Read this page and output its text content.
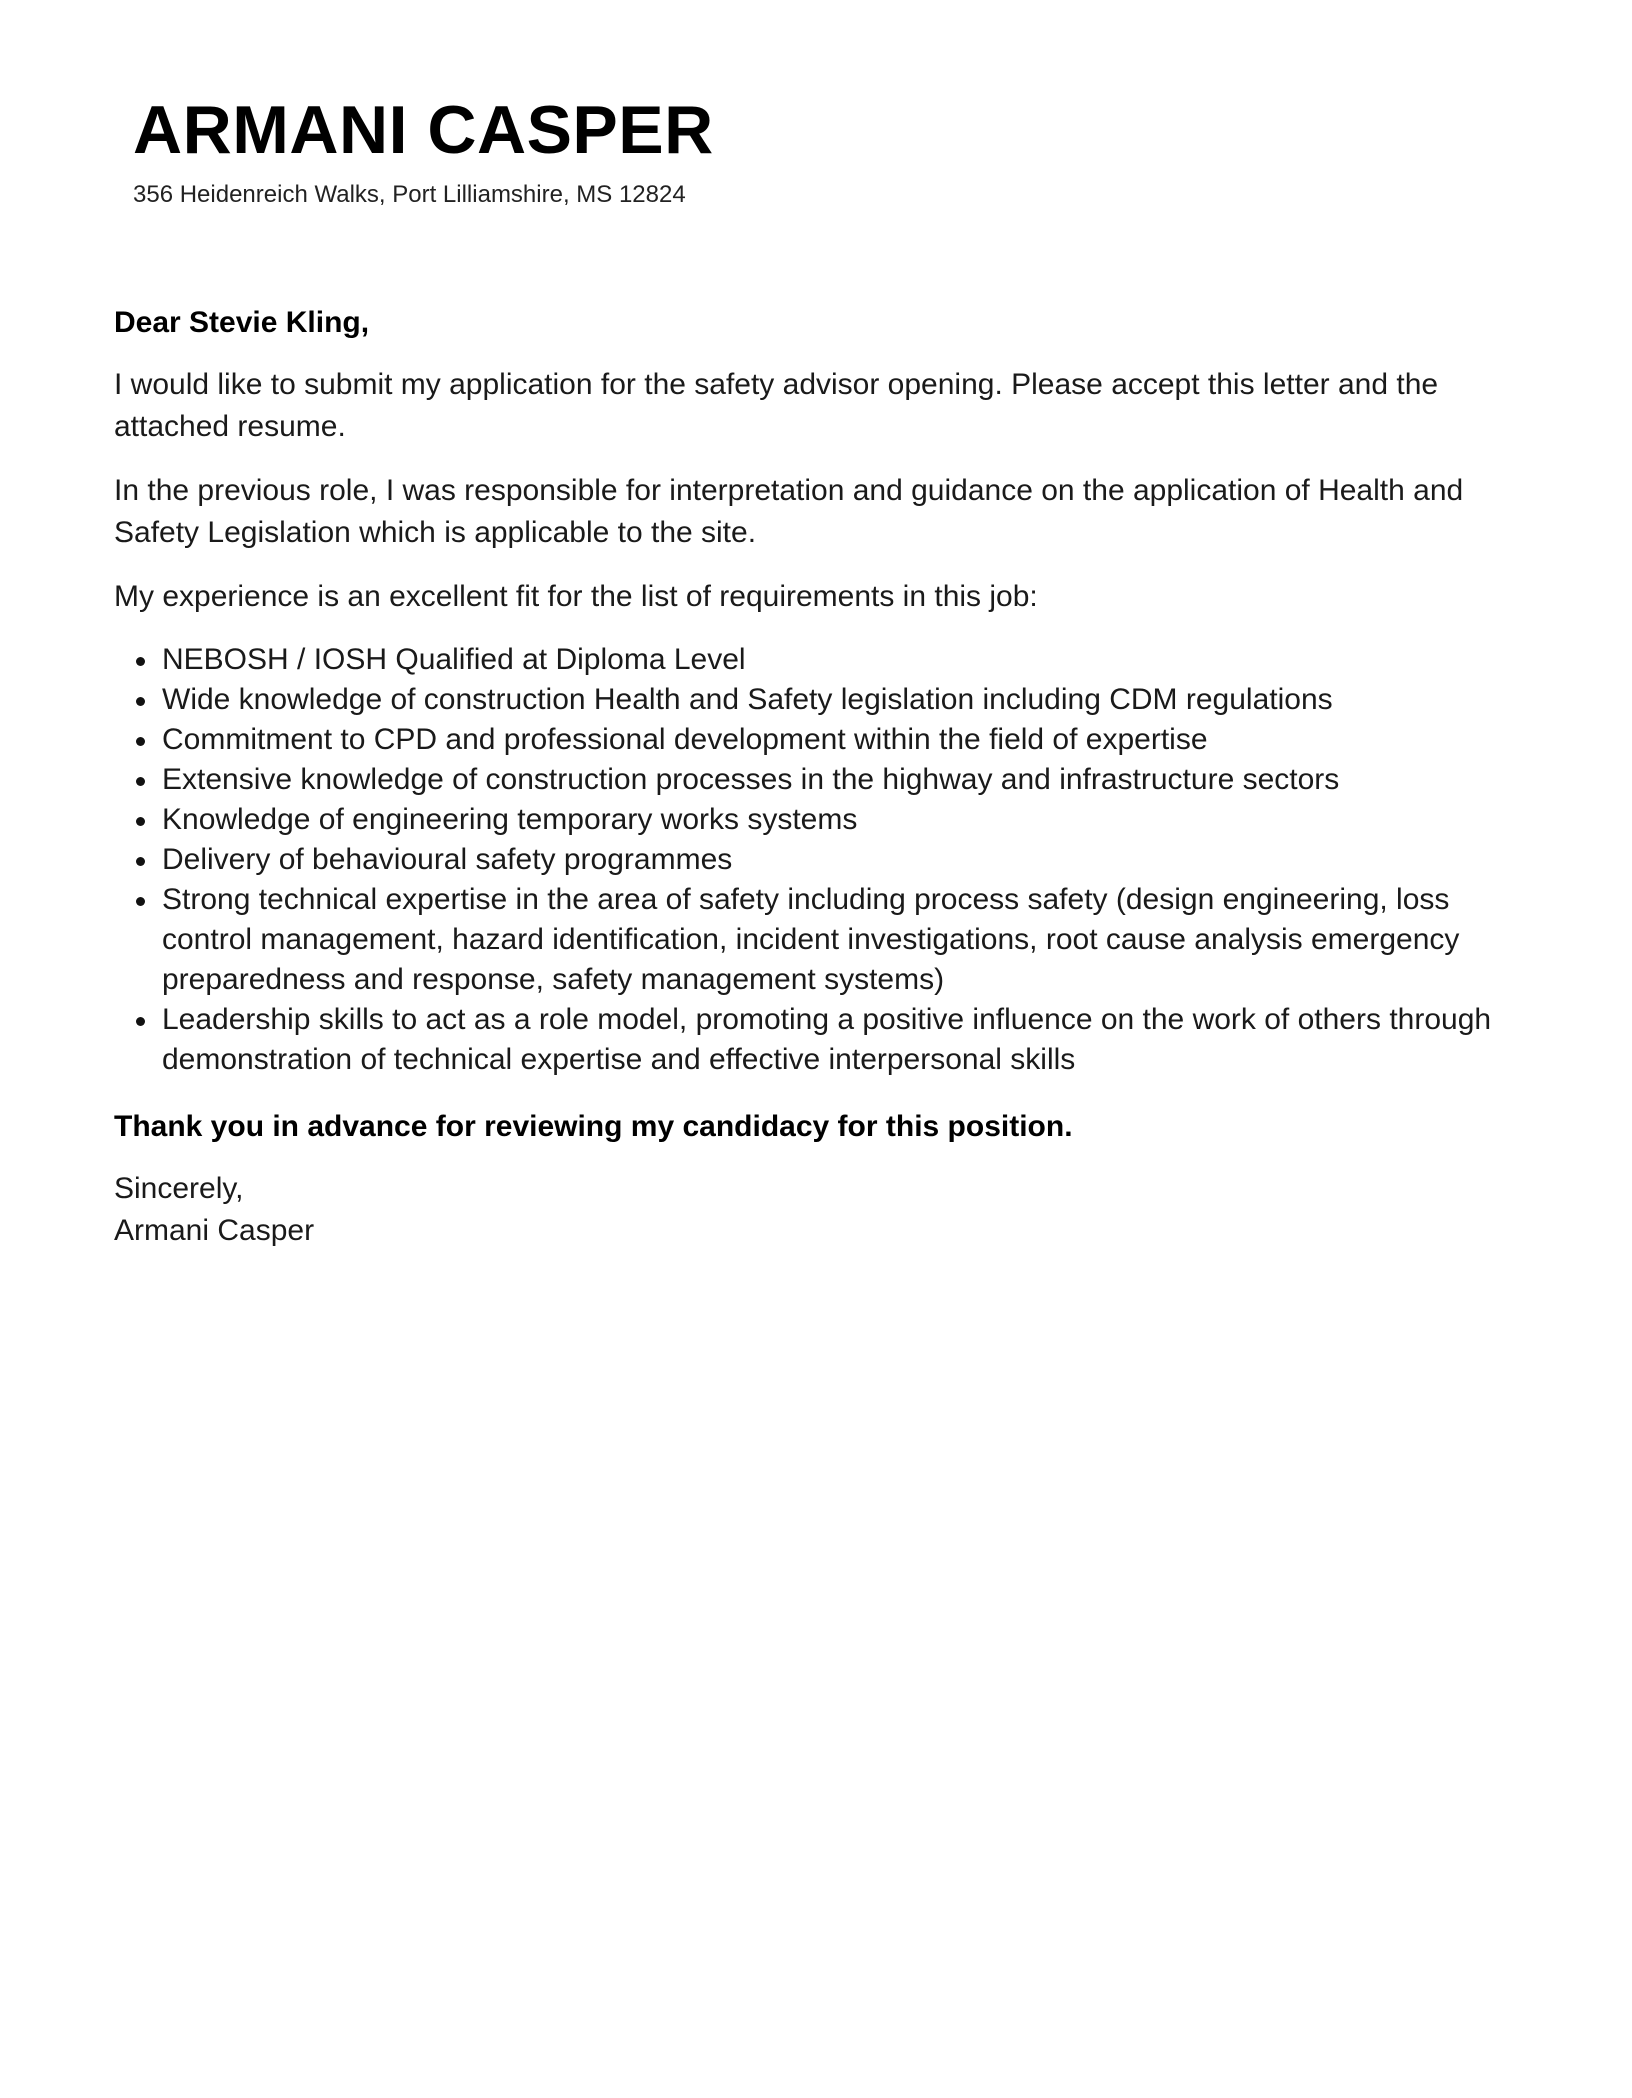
ARMANI CASPER
356 Heidenreich Walks, Port Lilliamshire, MS 12824

Dear Stevie Kling,

I would like to submit my application for the safety advisor opening. Please accept this letter and the attached resume.

In the previous role, I was responsible for interpretation and guidance on the application of Health and Safety Legislation which is applicable to the site.

My experience is an excellent fit for the list of requirements in this job:

NEBOSH / IOSH Qualified at Diploma Level
Wide knowledge of construction Health and Safety legislation including CDM regulations
Commitment to CPD and professional development within the field of expertise
Extensive knowledge of construction processes in the highway and infrastructure sectors
Knowledge of engineering temporary works systems
Delivery of behavioural safety programmes
Strong technical expertise in the area of safety including process safety (design engineering, loss control management, hazard identification, incident investigations, root cause analysis emergency preparedness and response, safety management systems)
Leadership skills to act as a role model, promoting a positive influence on the work of others through demonstration of technical expertise and effective interpersonal skills

Thank you in advance for reviewing my candidacy for this position.

Sincerely,
Armani Casper
